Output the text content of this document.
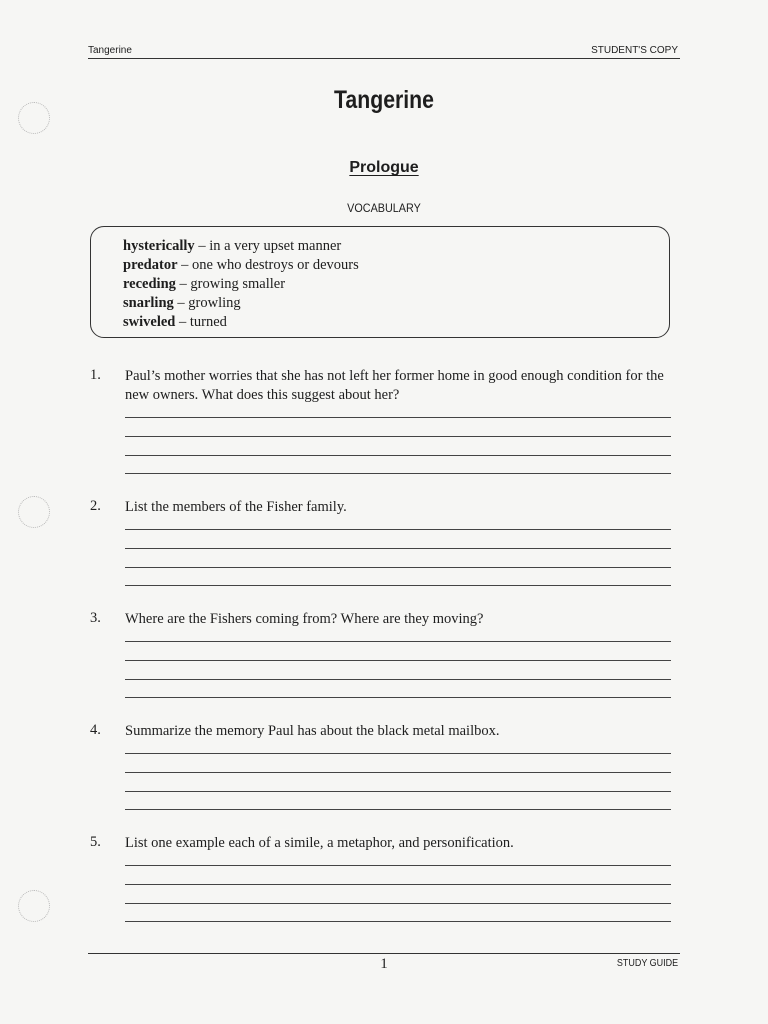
Tangerine	STUDENT'S COPY
Tangerine
Prologue
VOCABULARY
hysterically – in a very upset manner
predator – one who destroys or devours
receding – growing smaller
snarling – growling
swiveled – turned
1. Paul’s mother worries that she has not left her former home in good enough condition for the new owners. What does this suggest about her?
2. List the members of the Fisher family.
3. Where are the Fishers coming from? Where are they moving?
4. Summarize the memory Paul has about the black metal mailbox.
5. List one example each of a simile, a metaphor, and personification.
1	STUDY GUIDE
